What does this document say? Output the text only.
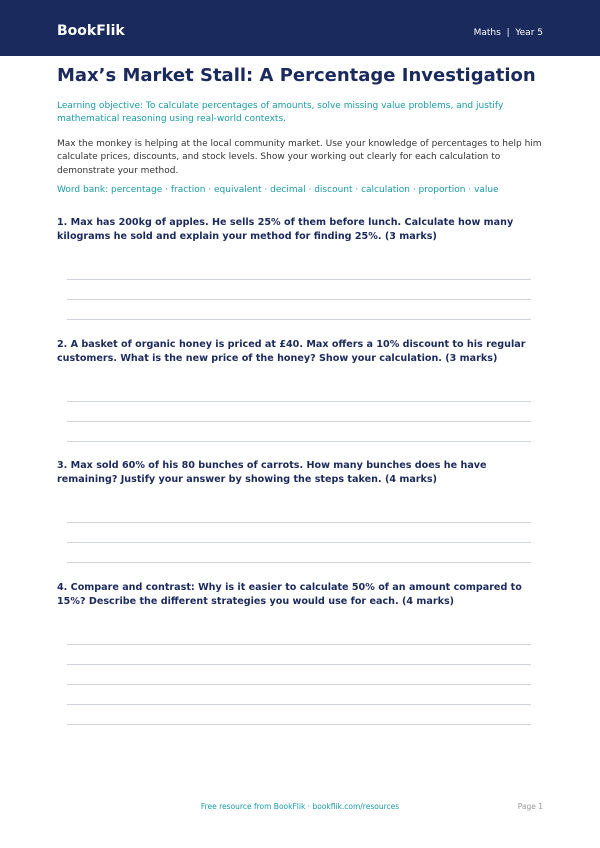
BookFlik	Maths | Year 5
Max’s Market Stall: A Percentage Investigation
Learning objective: To calculate percentages of amounts, solve missing value problems, and justify mathematical reasoning using real-world contexts.
Max the monkey is helping at the local community market. Use your knowledge of percentages to help him calculate prices, discounts, and stock levels. Show your working out clearly for each calculation to demonstrate your method.
Word bank: percentage · fraction · equivalent · decimal · discount · calculation · proportion · value
1. Max has 200kg of apples. He sells 25% of them before lunch. Calculate how many kilograms he sold and explain your method for finding 25%. (3 marks)
2. A basket of organic honey is priced at £40. Max offers a 10% discount to his regular customers. What is the new price of the honey? Show your calculation. (3 marks)
3. Max sold 60% of his 80 bunches of carrots. How many bunches does he have remaining? Justify your answer by showing the steps taken. (4 marks)
4. Compare and contrast: Why is it easier to calculate 50% of an amount compared to 15%? Describe the different strategies you would use for each. (4 marks)
Free resource from BookFlik · bookflik.com/resources	Page 1
